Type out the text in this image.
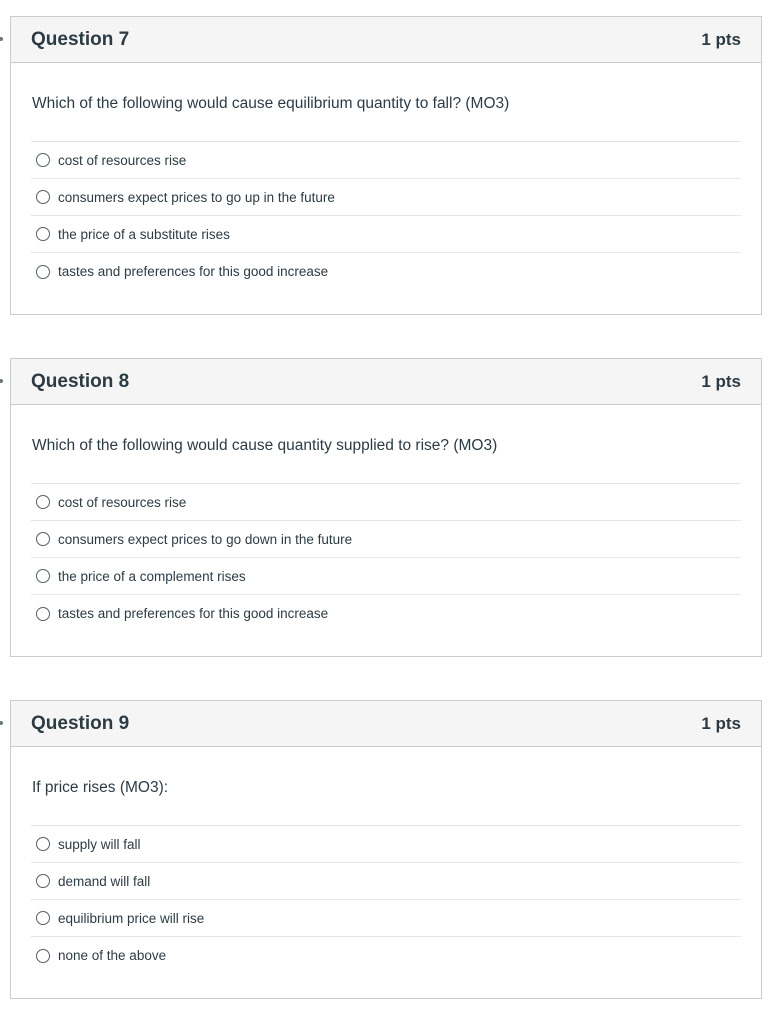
Question 7	1 pts

Which of the following would cause equilibrium quantity to fall? (MO3)

cost of resources rise
consumers expect prices to go up in the future
the price of a substitute rises
tastes and preferences for this good increase
Question 8	1 pts

Which of the following would cause quantity supplied to rise? (MO3)

cost of resources rise
consumers expect prices to go down in the future
the price of a complement rises
tastes and preferences for this good increase
Question 9	1 pts

If price rises (MO3):

supply will fall
demand will fall
equilibrium price will rise
none of the above
